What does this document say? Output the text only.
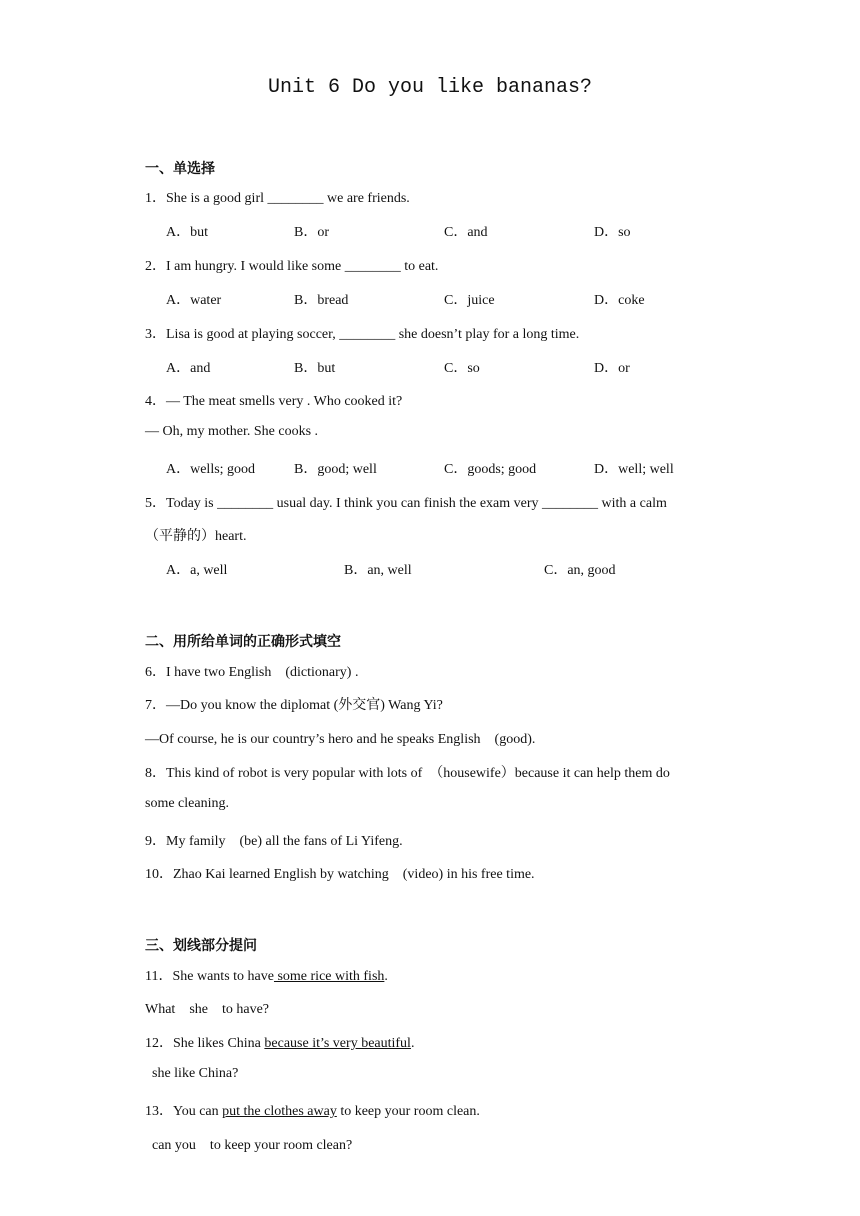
Unit 6 Do you like bananas?
一、单选择
1．She is a good girl ________ we are friends.
A．but	B．or	C．and	D．so
2．I am hungry. I would like some ________ to eat.
A．water	B．bread	C．juice	D．coke
3．Lisa is good at playing soccer, ________ she doesn’t play for a long time.
A．and	B．but	C．so	D．or
4．— The meat smells very . Who cooked it?
— Oh, my mother. She cooks .
A．wells; good	B．good; well	C．goods; good	D．well; well
5．Today is ________ usual day. I think you can finish the exam very ________ with a calm
（平静的）heart.
A．a, well	B．an, well	C．an, good
二、用所给单词的正确形式填空
6．I have two English　(dictionary) .
7．—Do you know the diplomat (外交官) Wang Yi?
—Of course, he is our country’s hero and he speaks English　(good).
8．This kind of robot is very popular with lots of　（housewife）because it can help them do
some cleaning.
9．My family　(be) all the fans of Li Yifeng.
10．Zhao Kai learned English by watching　(video) in his free time.
三、划线部分提问
11．She wants to have some rice with fish.
What　she　to have?
12．She likes China because it’s very beautiful.
she like China?
13．You can put the clothes away to keep your room clean.
can you　to keep your room clean?
